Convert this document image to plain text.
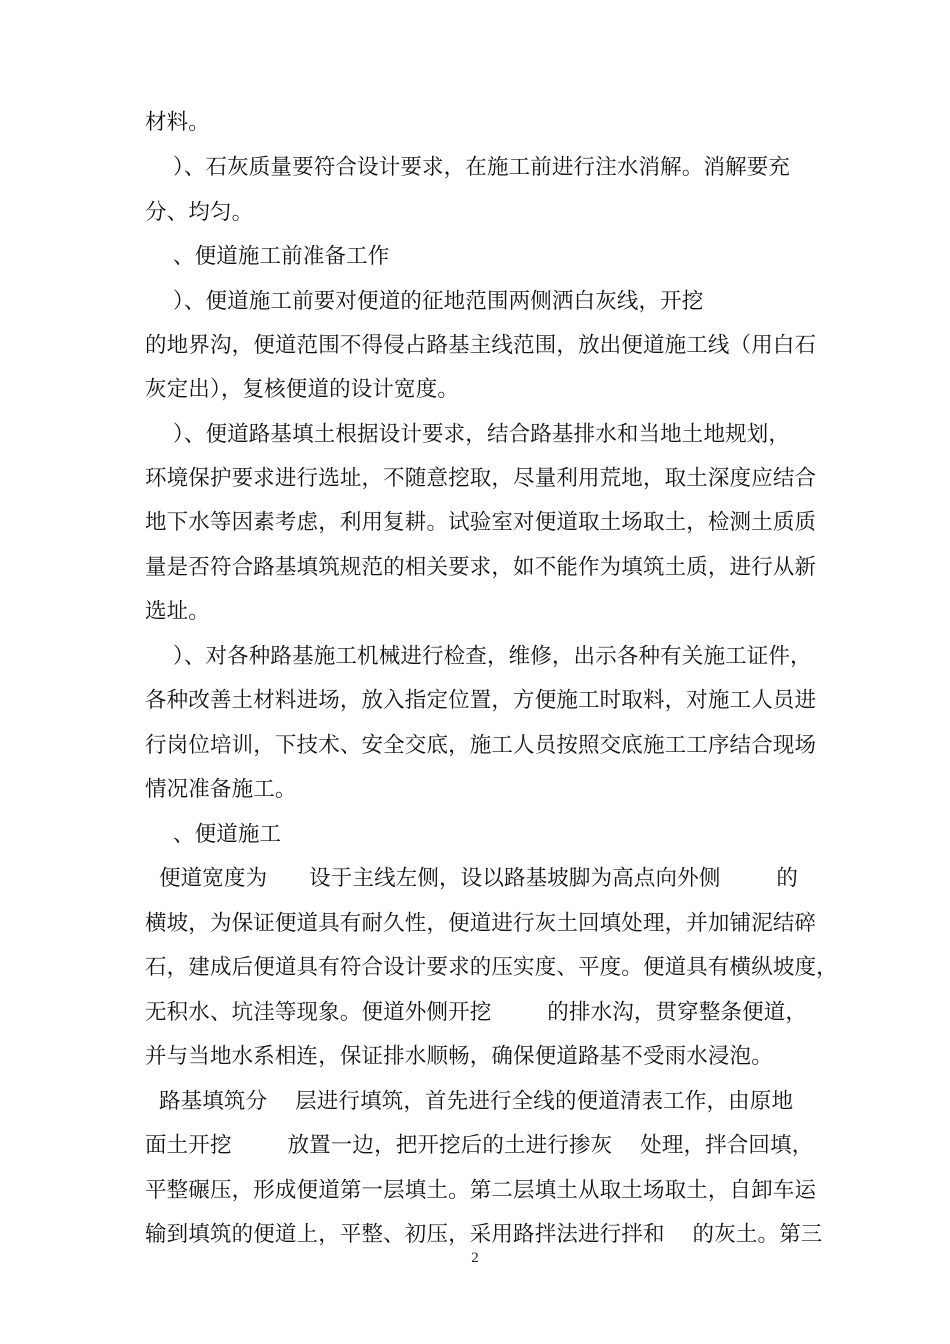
材料。
）、石灰质量要符合设计要求，在施工前进行注水消解。消解要充
分、均匀。
、便道施工前准备工作
）、便道施工前要对便道的征地范围两侧洒白灰线，开挖
的地界沟，便道范围不得侵占路基主线范围，放出便道施工线（用白石
灰定出），复核便道的设计宽度。
）、便道路基填土根据设计要求，结合路基排水和当地土地规划，
环境保护要求进行选址，不随意挖取，尽量利用荒地，取土深度应结合
地下水等因素考虑，利用复耕。试验室对便道取土场取土，检测土质质
量是否符合路基填筑规范的相关要求，如不能作为填筑土质，进行从新
选址。
）、对各种路基施工机械进行检查，维修，出示各种有关施工证件，
各种改善土材料进场，放入指定位置，方便施工时取料，对施工人员进
行岗位培训，下技术、安全交底，施工人员按照交底施工工序结合现场
情况准备施工。
、便道施工
便道宽度为      设于主线左侧，设以路基坡脚为高点向外侧        的
横坡，为保证便道具有耐久性，便道进行灰土回填处理，并加铺泥结碎
石，建成后便道具有符合设计要求的压实度、平度。便道具有横纵坡度，
无积水、坑洼等现象。便道外侧开挖        的排水沟，贯穿整条便道，
并与当地水系相连，保证排水顺畅，确保便道路基不受雨水浸泡。
路基填筑分    层进行填筑，首先进行全线的便道清表工作，由原地
面土开挖        放置一边，把开挖后的土进行掺灰    处理，拌合回填，
平整碾压，形成便道第一层填土。第二层填土从取土场取土，自卸车运
输到填筑的便道上，平整、初压，采用路拌法进行拌和    的灰土。第三
2
